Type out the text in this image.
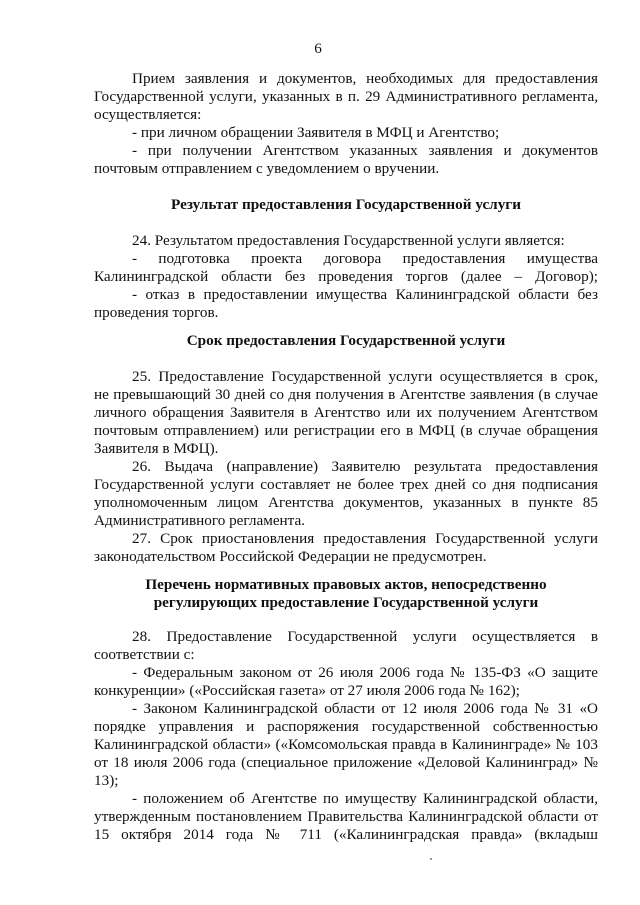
6
Прием заявления и документов, необходимых для предоставления
Государственной услуги, указанных в п. 29 Административного регламента,
осуществляется:
- при личном обращении Заявителя в МФЦ и Агентство;
- при получении Агентством указанных заявления и документов
почтовым отправлением с уведомлением о вручении.
Результат предоставления Государственной услуги
24. Результатом предоставления Государственной услуги является:
- подготовка проекта договора предоставления имущества
Калининградской области без проведения торгов (далее – Договор);
- отказ в предоставлении имущества Калининградской области без
проведения торгов.
Срок предоставления Государственной услуги
25. Предоставление Государственной услуги осуществляется в срок,
не превышающий 30 дней со дня получения в Агентстве заявления (в случае
личного обращения Заявителя в Агентство или их получением Агентством
почтовым отправлением) или регистрации его в МФЦ (в случае обращения
Заявителя в МФЦ).
26. Выдача (направление) Заявителю результата предоставления
Государственной услуги составляет не более трех дней со дня подписания
уполномоченным лицом Агентства документов, указанных в пункте 85
Административного регламента.
27. Срок приостановления предоставления Государственной услуги
законодательством Российской Федерации не предусмотрен.
Перечень нормативных правовых актов, непосредственно
регулирующих предоставление Государственной услуги
28. Предоставление Государственной услуги осуществляется в
соответствии с:
- Федеральным законом от 26 июля 2006 года № 135-ФЗ «О защите
конкуренции» («Российская газета» от 27 июля 2006 года № 162);
- Законом Калининградской области от 12 июля 2006 года № 31 «О
порядке управления и распоряжения государственной собственностью
Калининградской области» («Комсомольская правда в Калининграде» № 103
от 18 июля 2006 года (специальное приложение «Деловой Калининград» №
13);
- положением об Агентстве по имуществу Калининградской области,
утвержденным постановлением Правительства Калининградской области от
15 октября 2014 года № 711 («Калининградская правда» (вкладыш
